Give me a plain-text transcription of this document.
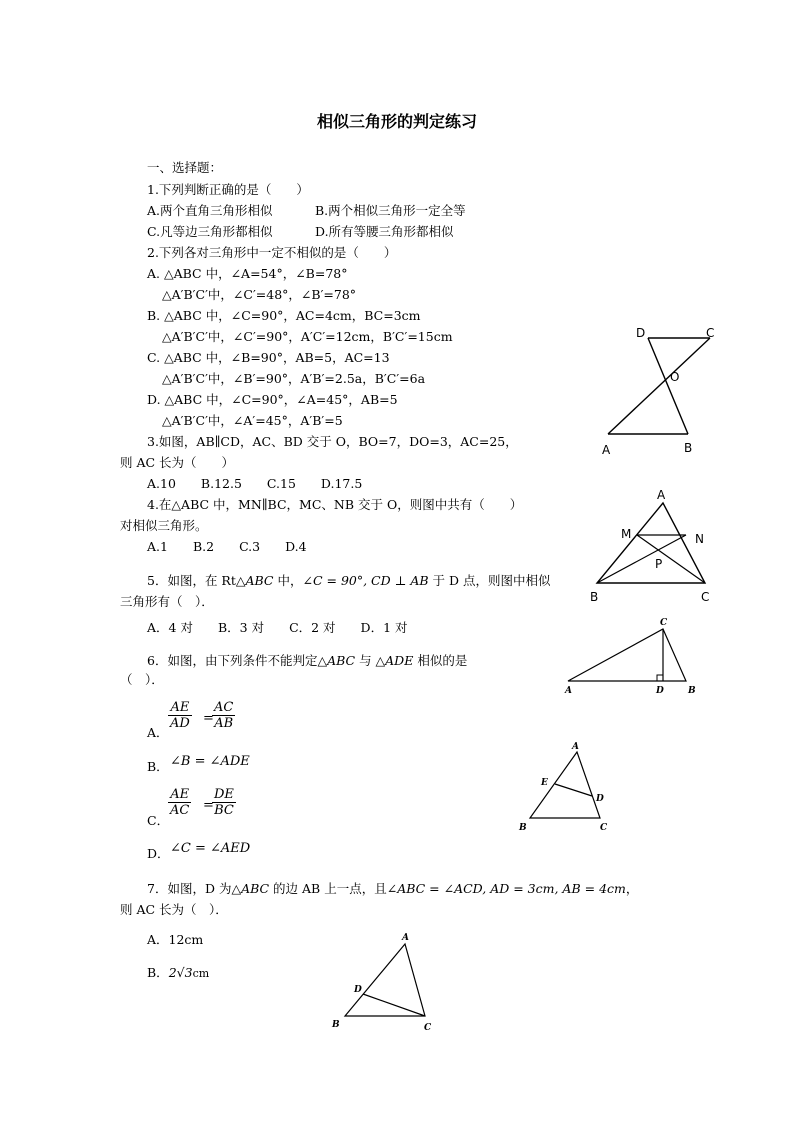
相似三角形的判定练习
一、选择题：
1.下列判断正确的是（　　）
A.两个直角三角形相似	B.两个相似三角形一定全等
C.凡等边三角形都相似	D.所有等腰三角形都相似
2.下列各对三角形中一定不相似的是（　　）
A. △ABC 中，∠A=54°，∠B=78°
△A′B′C′中，∠C′=48°，∠B′=78°
B. △ABC 中，∠C=90°，AC=4cm，BC=3cm
△A′B′C′中，∠C′=90°，A′C′=12cm，B′C′=15cm
C. △ABC 中，∠B=90°，AB=5，AC=13
△A′B′C′中，∠B′=90°，A′B′=2.5a，B′C′=6a
D. △ABC 中，∠C=90°，∠A=45°，AB=5
△A′B′C′中，∠A′=45°，A′B′=5
3.如图，AB∥CD，AC、BD 交于 O，BO=7，DO=3，AC=25，
则 AC 长为（　　）
A.10　　B.12.5　　C.15　　D.17.5
4.在△ABC 中，MN∥BC，MC、NB 交于 O，则图中共有（　　）
对相似三角形。
A.1　　B.2　　C.3　　D.4
5．如图，在 Rt△ABC 中，∠C = 90°, CD ⊥ AB 于 D 点，则图中相似
三角形有（　）．
A．4 对　　B．3 对　　C．2 对　　D．1 对
6．如图，由下列条件不能判定△ABC 与 △ADE 相似的是
（　）．
A．
$\frac{AE}{AD}$ =
$\frac{AC}{AB}$
B． ∠B = ∠ADE
C．
$\frac{AE}{AC}$ =
$\frac{DE}{BC}$
D． ∠C = ∠AED
7．如图，D 为△ABC 的边 AB 上一点，且∠ABC = ∠ACD, AD = 3cm, AB = 4cm，
则 AC 长为（　）．
A．12cm
B．2√3cm
D	C
O
A	B
A
M	N
P
B	C
C
A	D	B
A
E
D
B	C
A
D
B	C
